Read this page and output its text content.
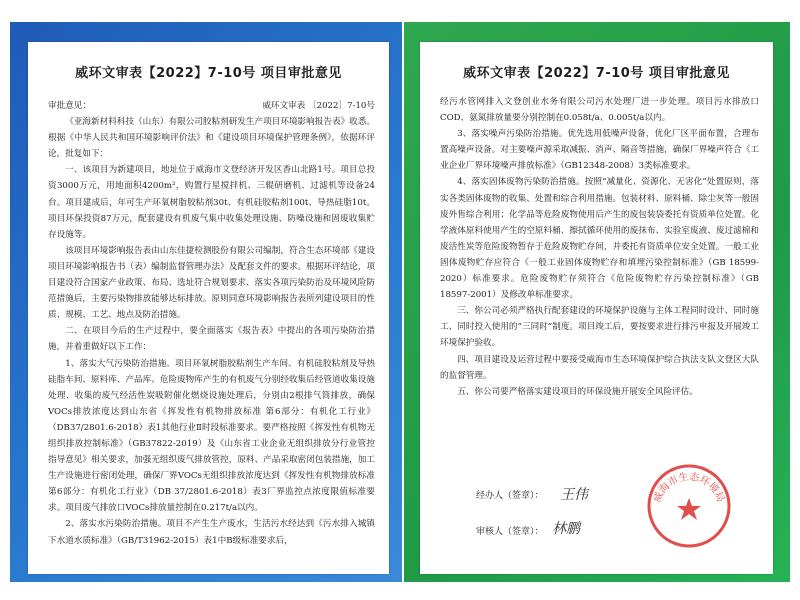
威环文审表【2022】7-10号 项目审批意见
审批意见：	威环文审表 〔2022〕7-10号

《亚海新材料科技（山东）有限公司胶粘剂研发生产项目环境影响报告表》收悉。根据《中华人民共和国环境影响评价法》和《建设项目环境保护管理条例》，依据环评论，批复如下：

一、该项目为新建项目，地址位于威海市文登经济开发区香山北路1号。项目总投资3000万元，用地面积4200m²，购置行星搅拌机、三辊研磨机、过滤机等设备24台。项目建成后，年可生产环氧树脂胶粘剂30t、有机硅胶粘剂100t、导热硅脂10t。项目环保投资87万元，配套建设有机废气集中收集处理设施、防噪设施和固废收集贮存设施等。

该项目环境影响报告表由山东佳捷检测股份有限公司编制，符合生态环境部《建设项目环境影响报告书（表）编制监督管理办法》及配套文件的要求。根据环评结论，项目建设符合国家产业政策、布局、选址符合规划要求、落实各项污染防治及环境风险防范措施后，主要污染物排放能够达标排放。原则同意环境影响报告表所列建设项目的性质、规模、工艺、地点及防治措施。

二、在项目今后的生产过程中，要全面落实《报告表》中提出的各项污染防治措施，并着重做好以下工作：

1、落实大气污染防治措施。项目环氧树脂胶粘剂生产车间、有机硅胶粘剂及导热硅脂车间、原料库、产品库、危险废物库产生的有机废气分别经收集后经管道收集设施处理、收集的废气经活性炭吸附催化燃烧设施处理后，分别由2根排气筒排放，确保VOCs排放浓度达到山东省《挥发性有机物排放标准 第6部分：有机化工行业》（DB37/2801.6-2018）表1其他行业Ⅱ时段标准要求。要严格按照《挥发性有机物无组织排放控制标准》（GB37822-2019）及《山东省工业企业无组织排放分行业管控指导意见》相关要求，加强无组织废气排放管控，原料、产品采取密闭包装措施，加工生产设施进行密闭处理，确保厂界VOCs无组织排放浓度达到《挥发性有机物排放标准 第6部分：有机化工行业》（DB 37/2801.6-2018）表3厂界监控点浓度限值标准要求。项目废气排放口VOCs排放量控制在0.217t/a以内。

2、落实水污染防治措施。项目不产生生产废水，生活污水经达到《污水排入城镇下水道水质标准》（GB/T31962-2015）表1中B级标准要求后，

威环文审表【2022】7-10号 项目审批意见

经污水管网排入文登创业水务有限公司污水处理厂进一步处理。项目污水排放口COD、氨氮排放量要分别控制在0.058t/a、0.005t/a以内。

3、落实噪声污染防治措施。优先选用低噪声设备，优化厂区平面布置，合理布置高噪声设备。对主要噪声源采取减振、消声、隔音等措施，确保厂界噪声符合《工业企业厂界环境噪声排放标准》（GB12348-2008）3类标准要求。

4、落实固体废物污染防治措施。按照“减量化、资源化、无害化”处置原则，落实各类固体废物的收集、处置和综合利用措施。包装材料、原料桶、除尘灰等一般固废外售综合利用；化学品等危险废物使用后产生的废包装袋委托有资质单位处置。化学液体原料使用产生的空原料桶、擦拭循环使用的废抹布、实验室废液、废过滤棉和废活性炭等危险废物暂存于危险废物贮存间，并委托有资质单位安全处置。一般工业固体废物贮存应符合《一般工业固体废物贮存和填埋污染控制标准》（GB 18599-2020）标准要求。危险废物贮存须符合《危险废物贮存污染控制标准》（GB 18597-2001）及修改单标准要求。

三、你公司必须严格执行配套建设的环境保护设施与主体工程同时设计、同时施工、同时投入使用的“三同时”制度。项目竣工后，要按要求进行排污申报及开展竣工环境保护验收。

四、项目建设及运营过程中要接受威海市生态环境保护综合执法支队文登区大队的监督管理。

五、你公司要严格落实建设项目的环保设施开展安全风险评估。

经办人（签章）： 王伟
审核人（签章）： 林鹏
威海市生态环境局
